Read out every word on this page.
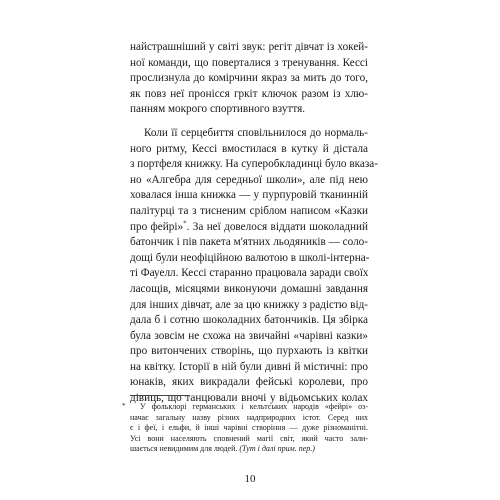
найстрашніший у світі звук: регіт дівчат із хокей-
ної команди, що поверталися з тренування. Кессі
прослизнула до комірчини якраз за мить до того,
як повз неї пронісся гркіт ключок разом із хлю-
панням мокрого спортивного взуття.
Коли її серцебиття сповільнилося до нормаль-
ного ритму, Кессі вмостилася в кутку й дістала
з портфеля книжку. На суперобкладинці було вказа-
но «Алгебра для середньої школи», але під нею
ховалася інша книжка — у пурпуровій тканинній
палітурці та з тисненим сріблом написом «Казки
про фейрі»*. За неї довелося віддати шоколадний
батончик і пів пакета м'ятних льодяників — соло-
дощі були неофіційною валютою в школі-інтерна-
ті Фауелл. Кессі старанно працювала заради своїх
ласощів, місяцями виконуючи домашні завдання
для інших дівчат, але за цю книжку з радістю від-
дала б і сотню шоколадних батончиків. Ця збірка
була зовсім не схожа на звичайні «чарівні казки»
про витончених створінь, що пурхають із квітки
на квітку. Історії в ній були дивні й містичні: про
юнаків, яких викрадали фейські королеви, про
дівиць, що танцювали вночі у відьомських колах
* У фольклорі германських і кельтських народів «фейрі» оз-
начає загальну назву різних надприродних істот. Серед них
є і феї, і ельфи, й інші чарівні створіння — дуже різноманітні.
Усі вони населяють сповнений магії світ, який часто зали-
шається невидимим для людей. (Тут і далі прим. пер.)
10
